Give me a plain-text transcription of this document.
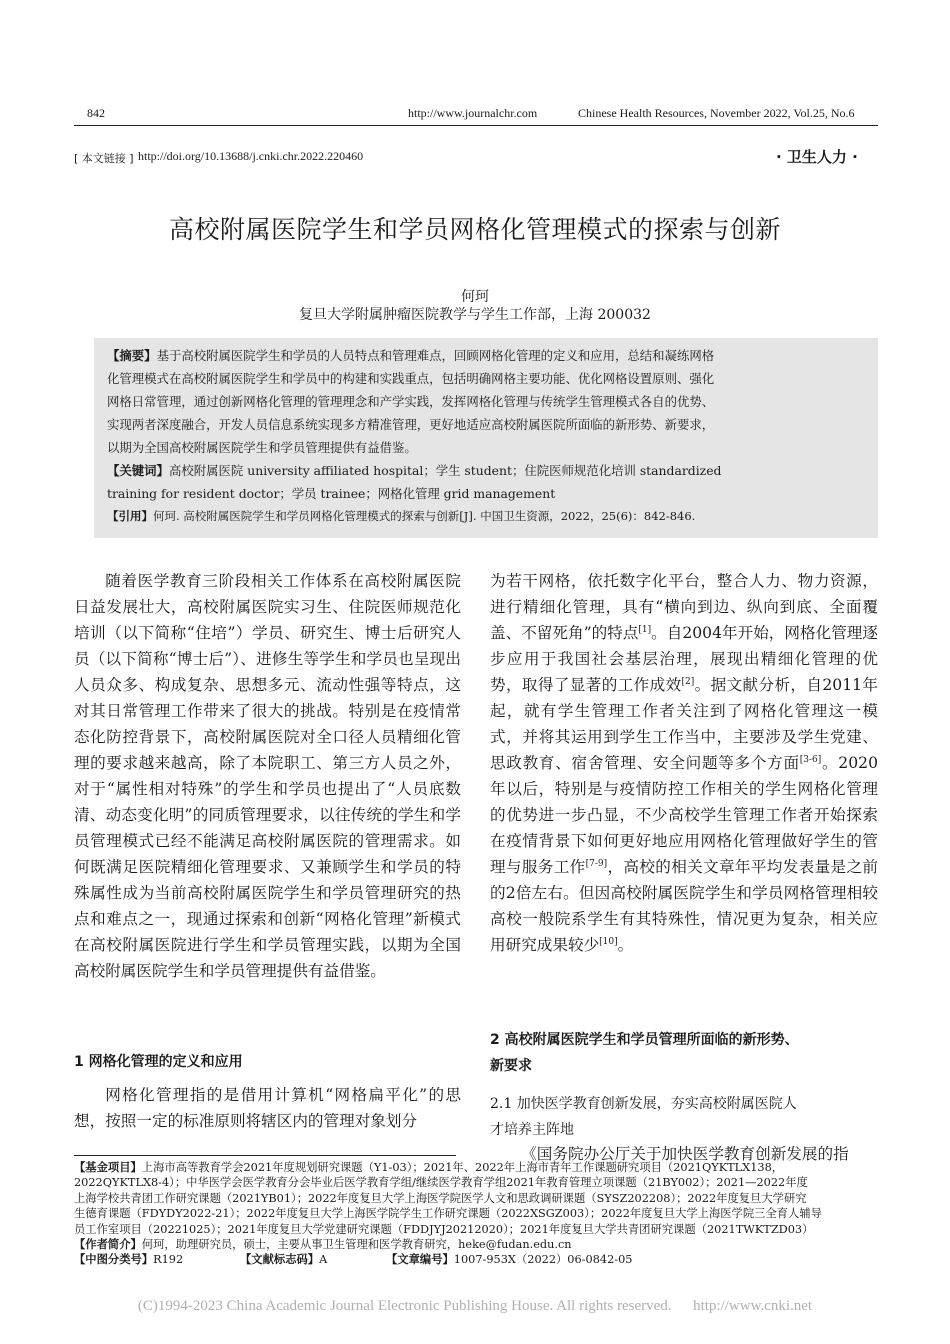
842	http://www.journalchr.com	Chinese Health Resources, November 2022, Vol.25, No.6
[ 本文链接 ] http://doi.org/10.13688/j.cnki.chr.2022.220460	· 卫生人力 ·
高校附属医院学生和学员网格化管理模式的探索与创新
何珂
复旦大学附属肿瘤医院教学与学生工作部，上海 200032
【摘要】基于高校附属医院学生和学员的人员特点和管理难点，回顾网格化管理的定义和应用，总结和凝练网格
化管理模式在高校附属医院学生和学员中的构建和实践重点，包括明确网格主要功能、优化网格设置原则、强化
网格日常管理，通过创新网格化管理的管理理念和产学实践，发挥网格化管理与传统学生管理模式各自的优势、
实现两者深度融合，开发人员信息系统实现多方精准管理，更好地适应高校附属医院所面临的新形势、新要求，
以期为全国高校附属医院学生和学员管理提供有益借鉴。
【关键词】高校附属医院 university affiliated hospital；学生 student；住院医师规范化培训 standardized
training for resident doctor；学员 trainee；网格化管理 grid management
【引用】何珂. 高校附属医院学生和学员网格化管理模式的探索与创新[J]. 中国卫生资源，2022，25(6)：842-846.

随着医学教育三阶段相关工作体系在高校附属医院日益发展壮大，高校附属医院实习生、住院医师规范化培训（以下简称“住培”）学员、研究生、博士后研究人员（以下简称“博士后”）、进修生等学生和学员也呈现出人员众多、构成复杂、思想多元、流动性强等特点，这对其日常管理工作带来了很大的挑战。特别是在疫情常态化防控背景下，高校附属医院对全口径人员精细化管理的要求越来越高，除了本院职工、第三方人员之外，对于“属性相对特殊”的学生和学员也提出了“人员底数清、动态变化明”的同质管理要求，以往传统的学生和学员管理模式已经不能满足高校附属医院的管理需求。如何既满足医院精细化管理要求、又兼顾学生和学员的特殊属性成为当前高校附属医院学生和学员管理研究的热点和难点之一，现通过探索和创新“网格化管理”新模式在高校附属医院进行学生和学员管理实践，以期为全国高校附属医院学生和学员管理提供有益借鉴。

1 网格化管理的定义和应用

网格化管理指的是借用计算机“网格扁平化”的思想，按照一定的标准原则将辖区内的管理对象划分

为若干网格，依托数字化平台，整合人力、物力资源，进行精细化管理，具有“横向到边、纵向到底、全面覆盖、不留死角”的特点[1]。自2004年开始，网格化管理逐步应用于我国社会基层治理，展现出精细化管理的优势，取得了显著的工作成效[2]。据文献分析，自2011年起，就有学生管理工作者关注到了网格化管理这一模式，并将其运用到学生工作当中，主要涉及学生党建、思政教育、宿舍管理、安全问题等多个方面[3-6]。2020年以后，特别是与疫情防控工作相关的学生网格化管理的优势进一步凸显，不少高校学生管理工作者开始探索在疫情背景下如何更好地应用网格化管理做好学生的管理与服务工作[7-9]，高校的相关文章年平均发表量是之前的2倍左右。但因高校附属医院学生和学员网格管理相较高校一般院系学生有其特殊性，情况更为复杂，相关应用研究成果较少[10]。

2 高校附属医院学生和学员管理所面临的新形势、
新要求
2.1 加快医学教育创新发展，夯实高校附属医院人
才培养主阵地

《国务院办公厅关于加快医学教育创新发展的指

【基金项目】上海市高等教育学会2021年度规划研究课题（Y1-03）；2021年、2022年上海市青年工作课题研究项目（2021QYKTLX138，
2022QYKTLX8-4）；中华医学会医学教育分会毕业后医学教育学组/继续医学教育学组2021年教育管理立项课题（21BY002）；2021—2022年度
上海学校共青团工作研究课题（2021YB01）；2022年度复旦大学上海医学院医学人文和思政调研课题（SYSZ202208）；2022年度复旦大学研究
生德育课题（FDYDY2022-21）；2022年度复旦大学上海医学院学生工作研究课题（2022XSGZ003）；2022年度复旦大学上海医学院三全育人辅导
员工作室项目（20221025）；2021年度复旦大学党建研究课题（FDDJYJ20212020）；2021年度复旦大学共青团研究课题（2021TWKTZD03）
【作者简介】何珂，助理研究员，硕士，主要从事卫生管理和医学教育研究，heke@fudan.edu.cn
【中图分类号】R192	【文献标志码】A	【文章编号】1007-953X（2022）06-0842-05
(C)1994-2023 China Academic Journal Electronic Publishing House. All rights reserved. http://www.cnki.net
